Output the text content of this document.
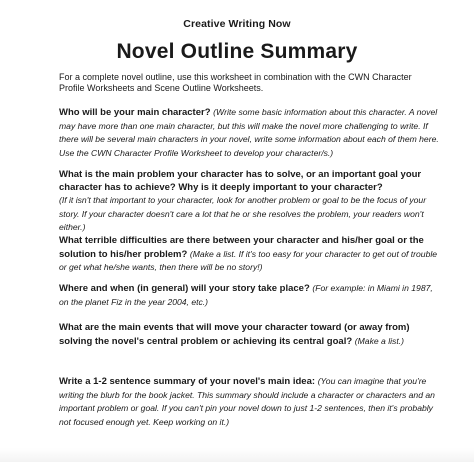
Creative Writing Now
Novel Outline Summary
For a complete novel outline, use this worksheet in combination with the CWN Character Profile Worksheets and Scene Outline Worksheets.
Who will be your main character? (Write some basic information about this character. A novel may have more than one main character, but this will make the novel more challenging to write. If there will be several main characters in your novel, write some information about each of them here. Use the CWN Character Profile Worksheet to develop your character/s.)
What is the main problem your character has to solve, or an important goal your character has to achieve? Why is it deeply important to your character?
(If it isn't that important to your character, look for another problem or goal to be the focus of your story. If your character doesn't care a lot that he or she resolves the problem, your readers won't either.)
What terrible difficulties are there between your character and his/her goal or the solution to his/her problem? (Make a list. If it's too easy for your character to get out of trouble or get what he/she wants, then there will be no story!)
Where and when (in general) will your story take place? (For example: in Miami in 1987, on the planet Fiz in the year 2004, etc.)
What are the main events that will move your character toward (or away from) solving the novel's central problem or achieving its central goal? (Make a list.)
Write a 1-2 sentence summary of your novel's main idea: (You can imagine that you're writing the blurb for the book jacket. This summary should include a character or characters and an important problem or goal. If you can't pin your novel down to just 1-2 sentences, then it's probably not focused enough yet. Keep working on it.)
